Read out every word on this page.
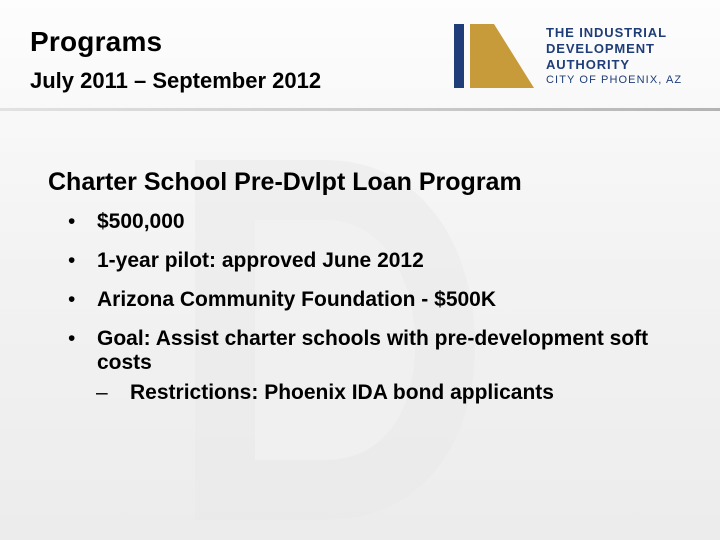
Programs
July 2011 – September 2012
THE INDUSTRIAL
DEVELOPMENT
AUTHORITY
CITY OF PHOENIX, AZ
Charter School Pre-Dvlpt Loan Program
• $500,000
• 1-year pilot: approved June 2012
• Arizona Community Foundation - $500K
• Goal: Assist charter schools with pre-development soft costs
– Restrictions: Phoenix IDA bond applicants
